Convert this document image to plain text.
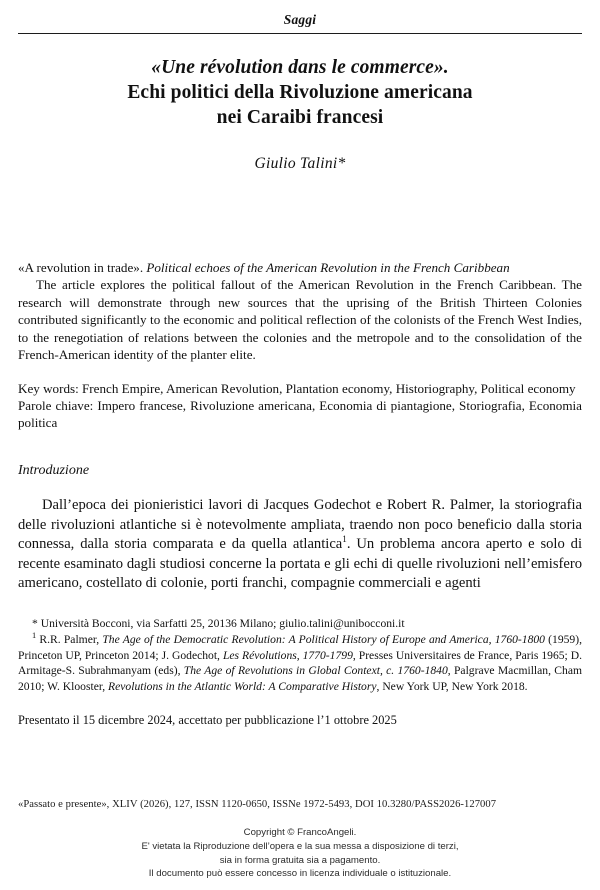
Saggi
«Une révolution dans le commerce».
Echi politici della Rivoluzione americana
nei Caraibi francesi
Giulio Talini*
«A revolution in trade». Political echoes of the American Revolution in the French Caribbean
The article explores the political fallout of the American Revolution in the French Caribbean. The research will demonstrate through new sources that the uprising of the British Thirteen Colonies contributed significantly to the economic and political reflection of the colonists of the French West Indies, to the renegotiation of relations between the colonies and the metropole and to the consolidation of the French-American identity of the planter elite.
Key words: French Empire, American Revolution, Plantation economy, Historiography, Political economy
Parole chiave: Impero francese, Rivoluzione americana, Economia di piantagione, Storiografia, Economia politica
Introduzione
Dall’epoca dei pionieristici lavori di Jacques Godechot e Robert R. Palmer, la storiografia delle rivoluzioni atlantiche si è notevolmente ampliata, traendo non poco beneficio dalla storia connessa, dalla storia comparata e da quella atlantica$^1$. Un problema ancora aperto e solo di recente esaminato dagli studiosi concerne la portata e gli echi di quelle rivoluzioni nell’emisfero americano, costellato di colonie, porti franchi, compagnie commerciali e agenti
* Università Bocconi, via Sarfatti 25, 20136 Milano; giulio.talini@unibocconi.it
$^1$ R.R. Palmer, The Age of the Democratic Revolution: A Political History of Europe and America, 1760-1800 (1959), Princeton UP, Princeton 2014; J. Godechot, Les Révolutions, 1770-1799, Presses Universitaires de France, Paris 1965; D. Armitage-S. Subrahmanyam (eds), The Age of Revolutions in Global Context, c. 1760-1840, Palgrave Macmillan, Cham 2010; W. Klooster, Revolutions in the Atlantic World: A Comparative History, New York UP, New York 2018.
Presentato il 15 dicembre 2024, accettato per pubblicazione l’1 ottobre 2025
«Passato e presente», XLIV (2026), 127, ISSN 1120-0650, ISSNe 1972-5493, DOI 10.3280/PASS2026-127007
Copyright © FrancoAngeli.
E' vietata la Riproduzione dell’opera e la sua messa a disposizione di terzi,
sia in forma gratuita sia a pagamento.
Il documento può essere concesso in licenza individuale o istituzionale.
